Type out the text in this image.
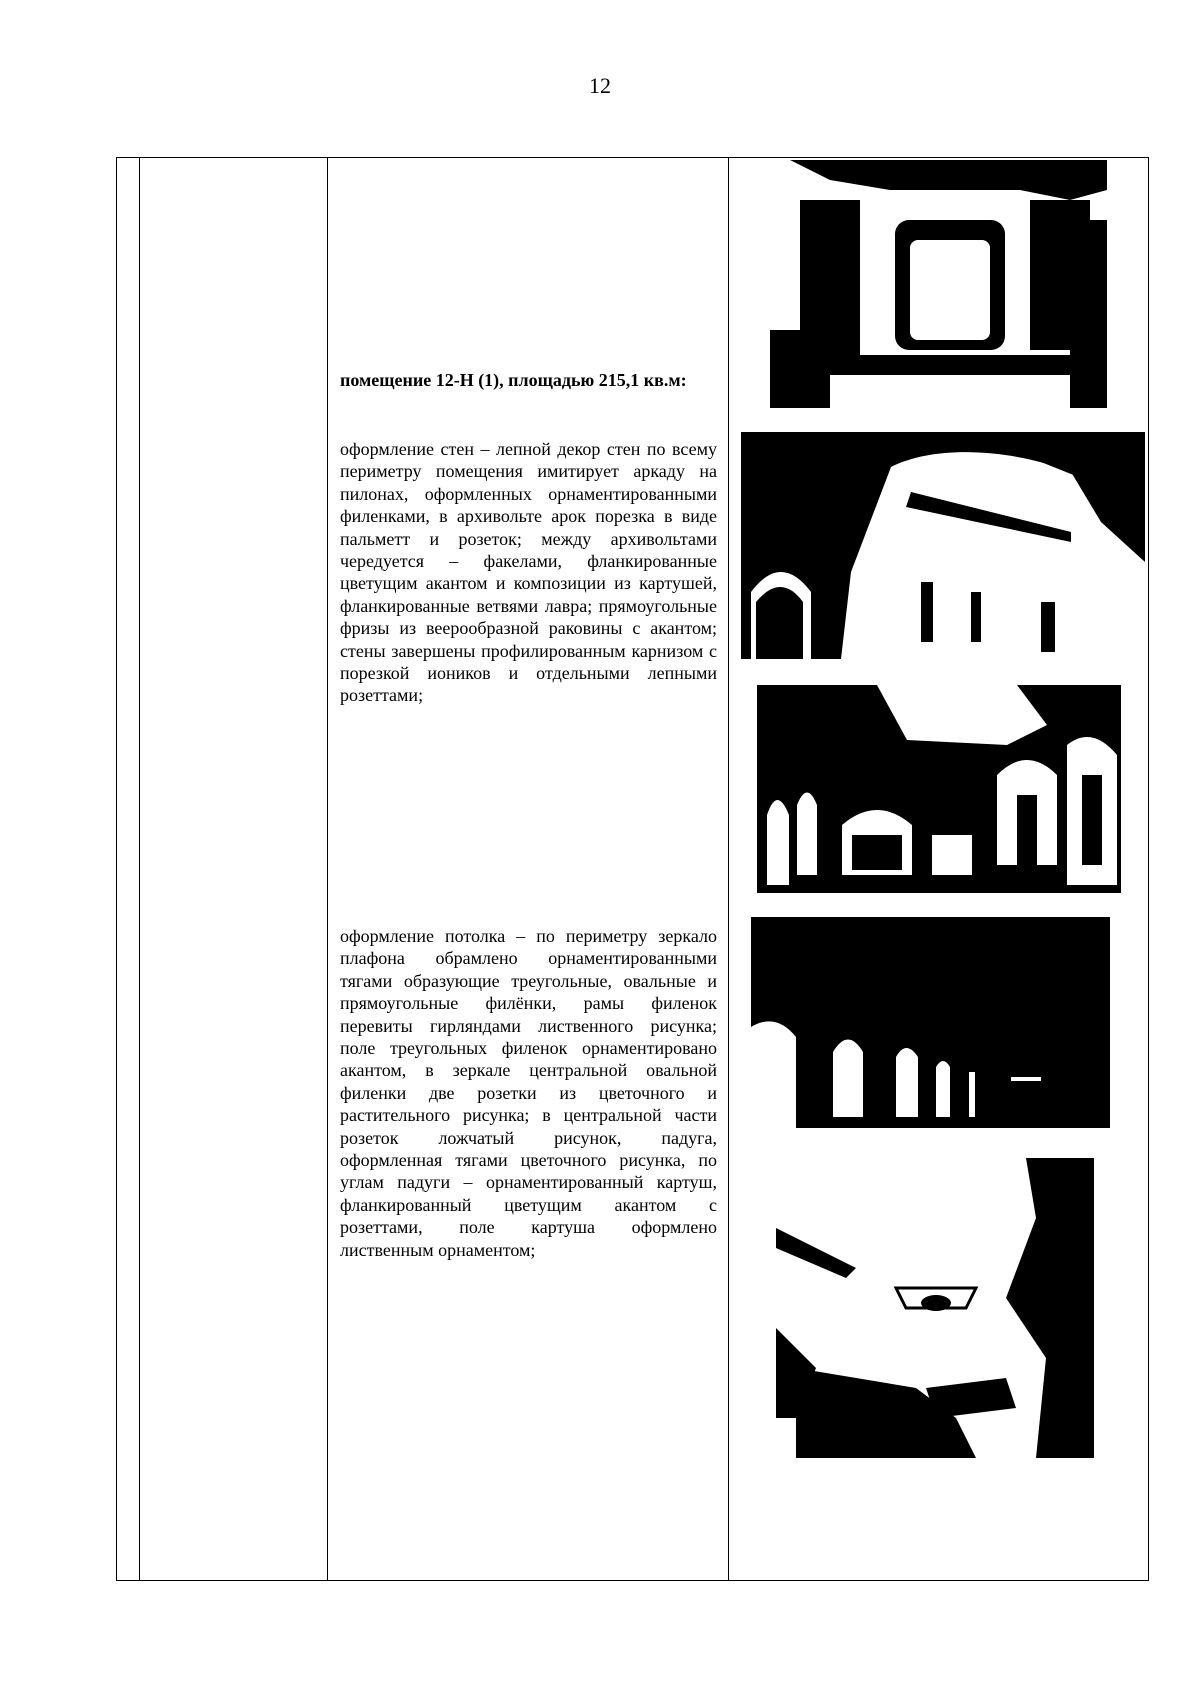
12
помещение 12-Н (1), площадью 215,1 кв.м:
оформление стен – лепной декор стен по всему периметру помещения имитирует аркаду на пилонах, оформленных орнаментированными филенками, в архивольте арок порезка в виде пальметт и розеток; между архивольтами чередуется – факелами, фланкированные цветущим акантом и композиции из картушей, фланкированные ветвями лавра; прямоугольные фризы из веерообразной раковины с акантом; стены завершены профилированным карнизом с порезкой иоников и отдельными лепными розеттами;
оформление потолка – по периметру зеркало плафона обрамлено орнаментированными тягами образующие треугольные, овальные и прямоугольные филёнки, рамы филенок перевиты гирляндами лиственного рисунка; поле треугольных филенок орнаментировано акантом, в зеркале центральной овальной филенки две розетки из цветочного и растительного рисунка; в центральной части розеток ложчатый рисунок, падуга, оформленная тягами цветочного рисунка, по углам падуги – орнаментированный картуш, фланкированный цветущим акантом с розеттами, поле картуша оформлено лиственным орнаментом;
